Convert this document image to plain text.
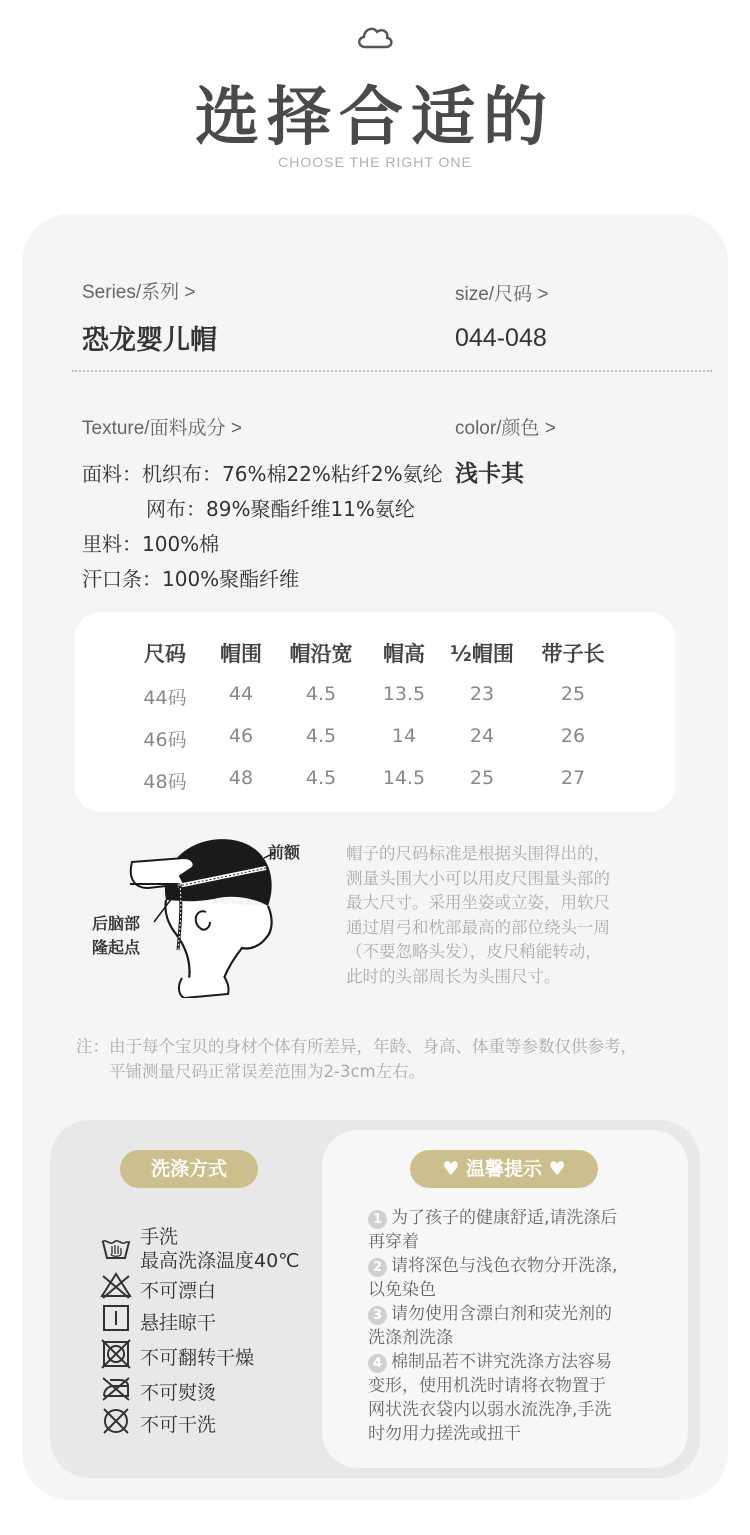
选择合适的
CHOOSE THE RIGHT ONE
Series/系列 >
恐龙婴儿帽
size/尺码 >
044-048
Texture/面料成分 >	color/颜色 >
浅卡其
面料：机织布：76%棉22%粘纤2%氨纶
网布：89%聚酯纤维11%氨纶
里料：100%棉
汗口条：100%聚酯纤维
尺码	帽围	帽沿宽	帽高	½帽围	带子长
44码	44	4.5	13.5	23	25
46码	46	4.5	14	24	26
48码	48	4.5	14.5	25	27
前额
后脑部
隆起点
帽子的尺码标准是根据头围得出的，
测量头围大小可以用皮尺围量头部的
最大尺寸。采用坐姿或立姿，用软尺
通过眉弓和枕部最高的部位绕头一周
（不要忽略头发），皮尺稍能转动，
此时的头部周长为头围尺寸。
注：由于每个宝贝的身材个体有所差异，年龄、身高、体重等参数仅供参考，
平铺测量尺码正常误差范围为2-3cm左右。
洗涤方式
手洗
最高洗涤温度40℃
不可漂白
悬挂晾干
不可翻转干燥
不可熨烫
不可干洗
♥ 温馨提示 ♥
1 为了孩子的健康舒适,请洗涤后
再穿着
2 请将深色与浅色衣物分开洗涤,
以免染色
3 请勿使用含漂白剂和荧光剂的
洗涤剂洗涤
4 棉制品若不讲究洗涤方法容易
变形，使用机洗时请将衣物置于
网状洗衣袋内以弱水流洗净,手洗
时勿用力搓洗或扭干
